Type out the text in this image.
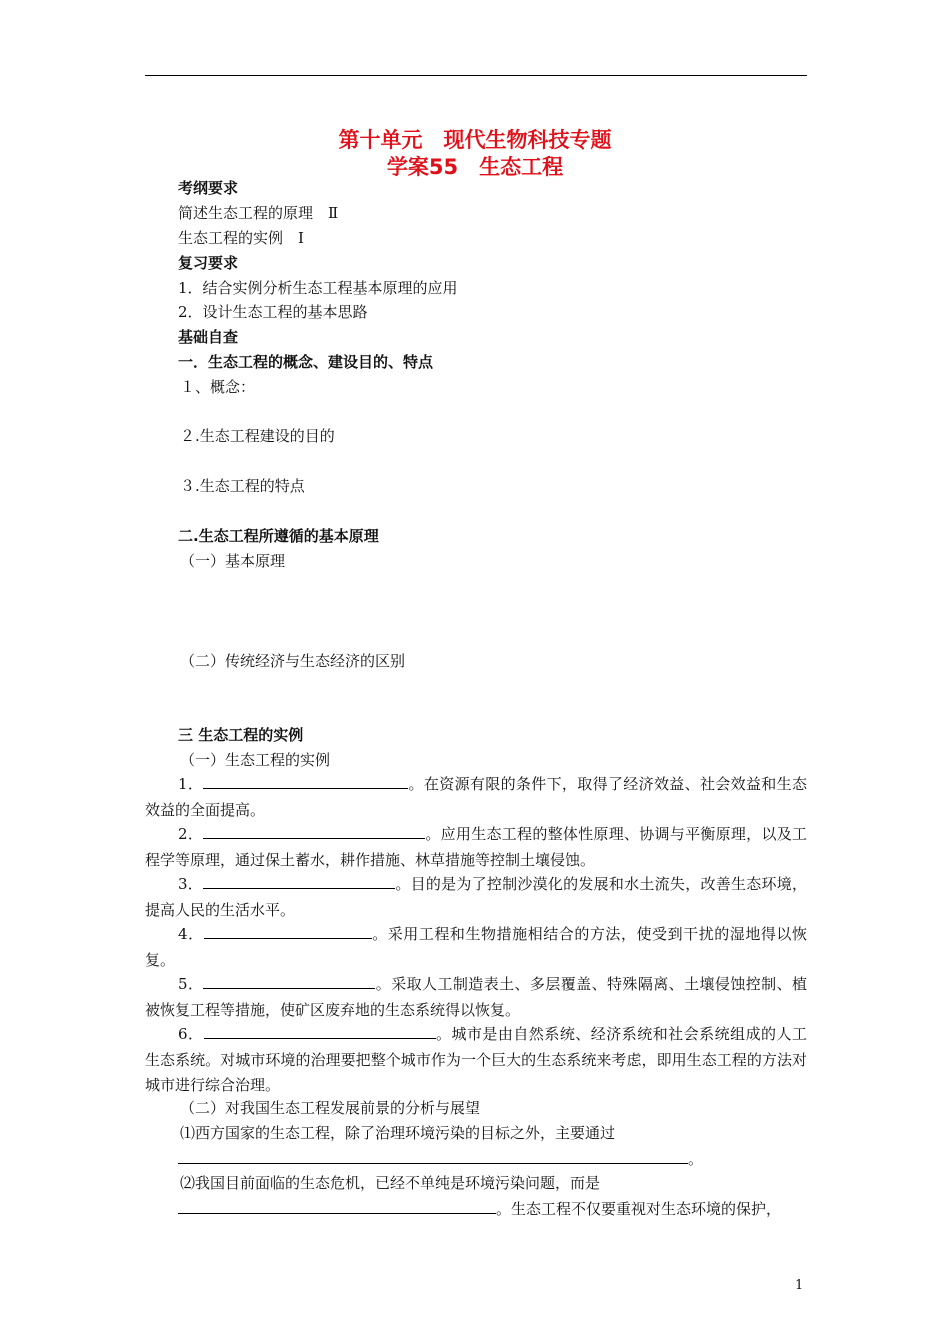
第十单元　现代生物科技专题
学案55　生态工程
考纲要求
简述生态工程的原理　Ⅱ
生态工程的实例　Ⅰ
复习要求
1．结合实例分析生态工程基本原理的应用
2．设计生态工程的基本思路
基础自查
一．生态工程的概念、建设目的、特点
１、概念：
２.生态工程建设的目的
３.生态工程的特点
二.生态工程所遵循的基本原理
（一）基本原理
（二）传统经济与生态经济的区别
三 生态工程的实例
（一）生态工程的实例
1．	。在资源有限的条件下，取得了经济效益、社会效益和生态效益的全面提高。
2．	。应用生态工程的整体性原理、协调与平衡原理，以及工程学等原理，通过保土蓄水，耕作措施、林草措施等控制土壤侵蚀。
3．	。目的是为了控制沙漠化的发展和水土流失，改善生态环境，提高人民的生活水平。
4．	。采用工程和生物措施相结合的方法，使受到干扰的湿地得以恢复。
5．	。采取人工制造表土、多层覆盖、特殊隔离、土壤侵蚀控制、植被恢复工程等措施，使矿区废弃地的生态系统得以恢复。
6．	。城市是由自然系统、经济系统和社会系统组成的人工生态系统。对城市环境的治理要把整个城市作为一个巨大的生态系统来考虑，即用生态工程的方法对城市进行综合治理。
（二）对我国生态工程发展前景的分析与展望
⑴西方国家的生态工程，除了治理环境污染的目标之外，主要通过
。
⑵我国目前面临的生态危机，已经不单纯是环境污染问题，而是
。生态工程不仅要重视对生态环境的保护，
1
